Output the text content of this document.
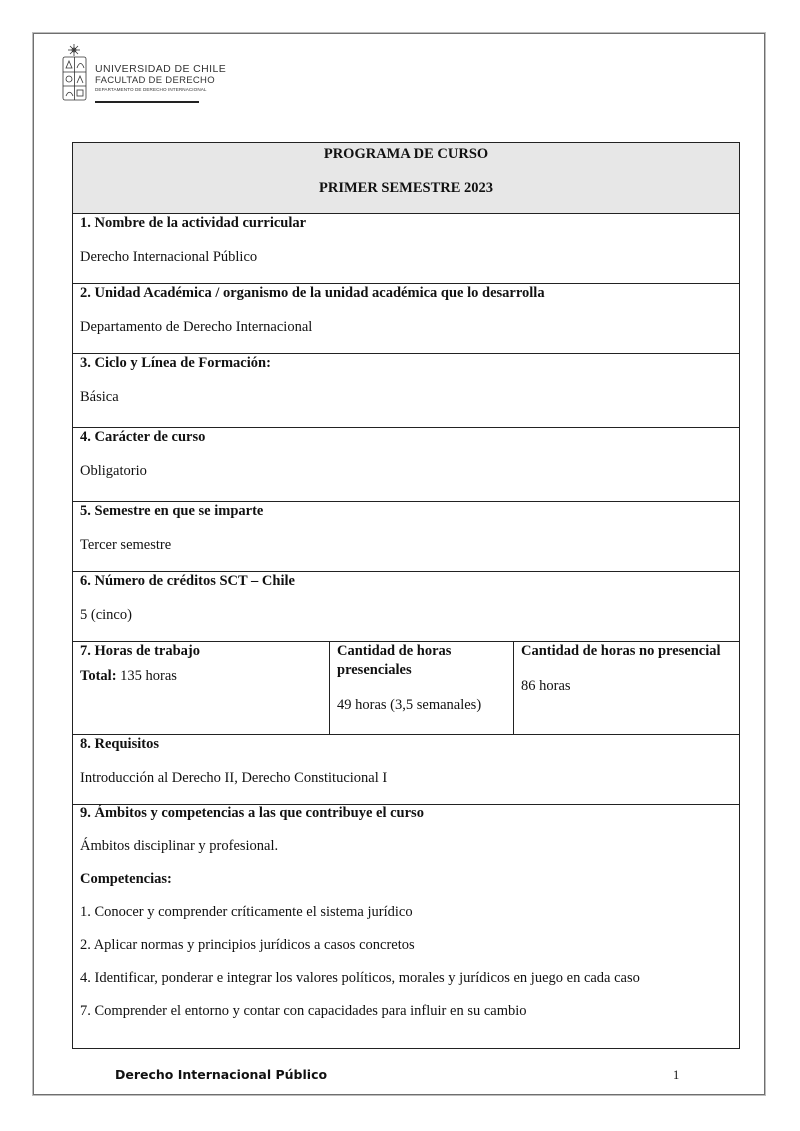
UNIVERSIDAD DE CHILE
FACULTAD DE DERECHO
DEPARTAMENTO DE DERECHO INTERNACIONAL
PROGRAMA DE CURSO
PRIMER SEMESTRE 2023

1. Nombre de la actividad curricular
Derecho Internacional Público

2. Unidad Académica / organismo de la unidad académica que lo desarrolla
Departamento de Derecho Internacional

3. Ciclo y Línea de Formación:
Básica

4. Carácter de curso
Obligatorio

5. Semestre en que se imparte
Tercer semestre

6. Número de créditos SCT – Chile
5 (cinco)

7. Horas de trabajo
Total: 135 horas

Cantidad de horas presenciales
49 horas (3,5 semanales)

Cantidad de horas no presencial
86 horas

8. Requisitos
Introducción al Derecho II, Derecho Constitucional I

9. Ámbitos y competencias a las que contribuye el curso

Ámbitos disciplinar y profesional.

Competencias:

1. Conocer y comprender críticamente el sistema jurídico

2. Aplicar normas y principios jurídicos a casos concretos

4. Identificar, ponderar e integrar los valores políticos, morales y jurídicos en juego en cada caso

7. Comprender el entorno y contar con capacidades para influir en su cambio

Derecho Internacional Público	1
